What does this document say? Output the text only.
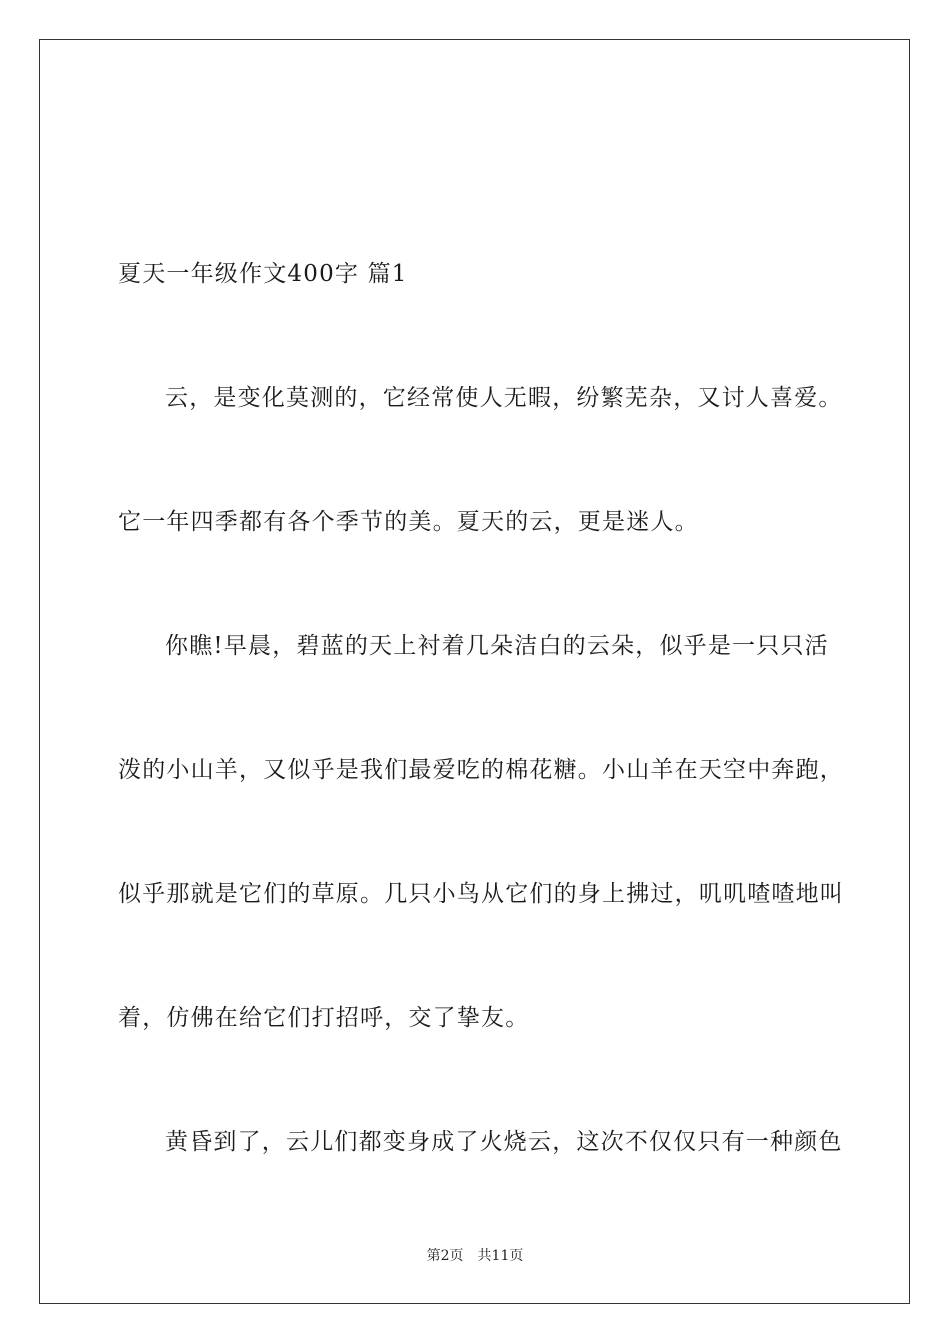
夏天一年级作文400字 篇1
云，是变化莫测的，它经常使人无暇，纷繁芜杂，又讨人喜爱。
它一年四季都有各个季节的美。夏天的云，更是迷人。
你瞧!早晨，碧蓝的天上衬着几朵洁白的云朵，似乎是一只只活
泼的小山羊，又似乎是我们最爱吃的棉花糖。小山羊在天空中奔跑，
似乎那就是它们的草原。几只小鸟从它们的身上拂过，叽叽喳喳地叫
着，仿佛在给它们打招呼，交了挚友。
黄昏到了，云儿们都变身成了火烧云，这次不仅仅只有一种颜色
第2页 共11页
